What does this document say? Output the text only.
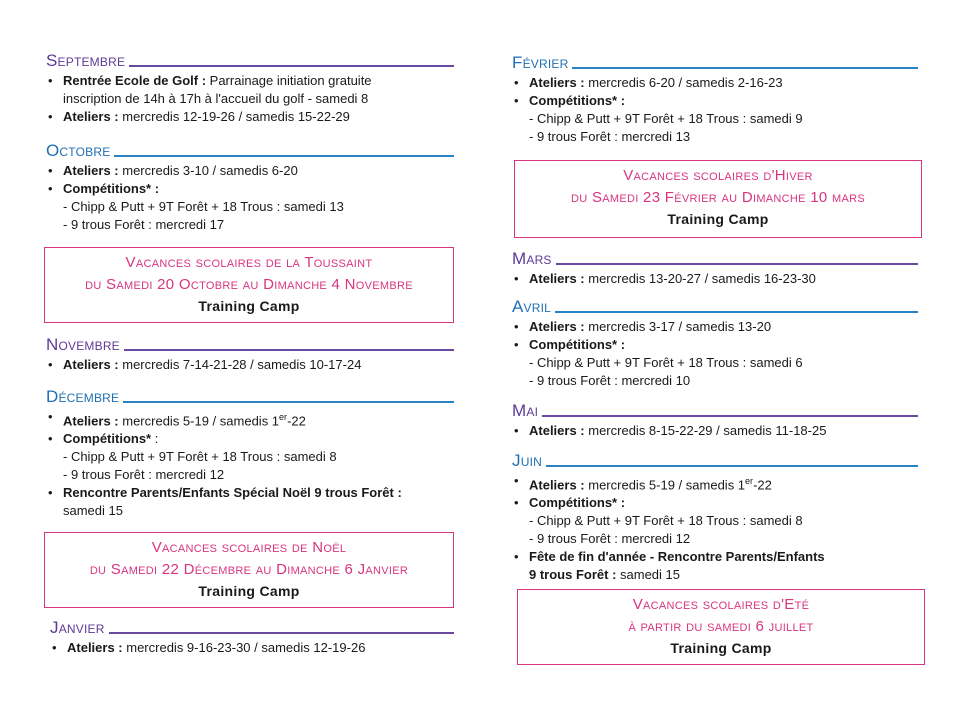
Septembre
• Rentrée Ecole de Golf : Parrainage initiation gratuite
inscription de 14h à 17h à l'accueil du golf - samedi 8
• Ateliers : mercredis 12-19-26 / samedis 15-22-29
Octobre
• Ateliers : mercredis 3-10 / samedis 6-20
• Compétitions* :
- Chipp & Putt + 9T Forêt + 18 Trous : samedi 13
- 9 trous Forêt : mercredi 17
Vacances scolaires de la Toussaint
du Samedi 20 Octobre au Dimanche 4 Novembre
Training Camp
Novembre
• Ateliers : mercredis 7-14-21-28 / samedis 10-17-24
Décembre
• Ateliers : mercredis 5-19 / samedis 1er-22
• Compétitions* :
- Chipp & Putt + 9T Forêt + 18 Trous : samedi 8
- 9 trous Forêt : mercredi 12
• Rencontre Parents/Enfants Spécial Noël 9 trous Forêt :
samedi 15
Vacances scolaires de Noël
du Samedi 22 Décembre au Dimanche 6 Janvier
Training Camp
Janvier
• Ateliers : mercredis 9-16-23-30 / samedis 12-19-26
Février
• Ateliers : mercredis 6-20 / samedis 2-16-23
• Compétitions* :
- Chipp & Putt + 9T Forêt + 18 Trous : samedi 9
- 9 trous Forêt : mercredi 13
Vacances scolaires d'Hiver
du Samedi 23 Février au Dimanche 10 mars
Training Camp
Mars
• Ateliers : mercredis 13-20-27 / samedis 16-23-30
Avril
• Ateliers : mercredis 3-17 / samedis 13-20
• Compétitions* :
- Chipp & Putt + 9T Forêt + 18 Trous : samedi 6
- 9 trous Forêt : mercredi 10
Mai
• Ateliers : mercredis 8-15-22-29 / samedis 11-18-25
Juin
• Ateliers : mercredis 5-19 / samedis 1er-22
• Compétitions* :
- Chipp & Putt + 9T Forêt + 18 Trous : samedi 8
- 9 trous Forêt : mercredi 12
• Fête de fin d'année - Rencontre Parents/Enfants
9 trous Forêt : samedi 15
Vacances scolaires d'Eté
à partir du samedi 6 juillet
Training Camp
